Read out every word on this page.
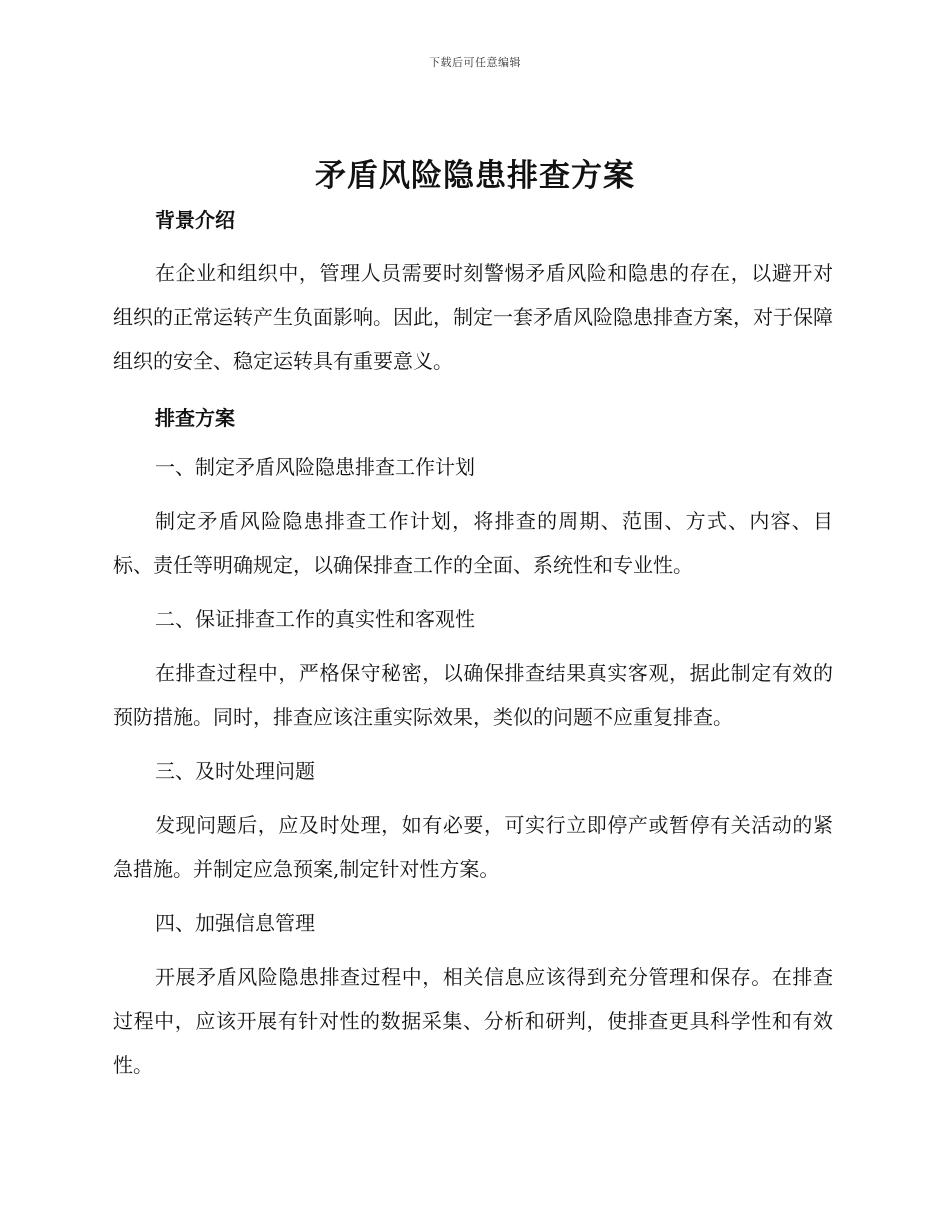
下载后可任意编辑
矛盾风险隐患排查方案
背景介绍

在企业和组织中，管理人员需要时刻警惕矛盾风险和隐患的存在，以避开对组织的正常运转产生负面影响。因此，制定一套矛盾风险隐患排查方案，对于保障组织的安全、稳定运转具有重要意义。

排查方案
一、制定矛盾风险隐患排查工作计划

制定矛盾风险隐患排查工作计划，将排查的周期、范围、方式、内容、目标、责任等明确规定，以确保排查工作的全面、系统性和专业性。

二、保证排查工作的真实性和客观性

在排查过程中，严格保守秘密，以确保排查结果真实客观，据此制定有效的预防措施。同时，排查应该注重实际效果，类似的问题不应重复排查。

三、及时处理问题

发现问题后，应及时处理，如有必要，可实行立即停产或暂停有关活动的紧急措施。并制定应急预案,制定针对性方案。

四、加强信息管理

开展矛盾风险隐患排查过程中，相关信息应该得到充分管理和保存。在排查过程中，应该开展有针对性的数据采集、分析和研判，使排查更具科学性和有效性。
